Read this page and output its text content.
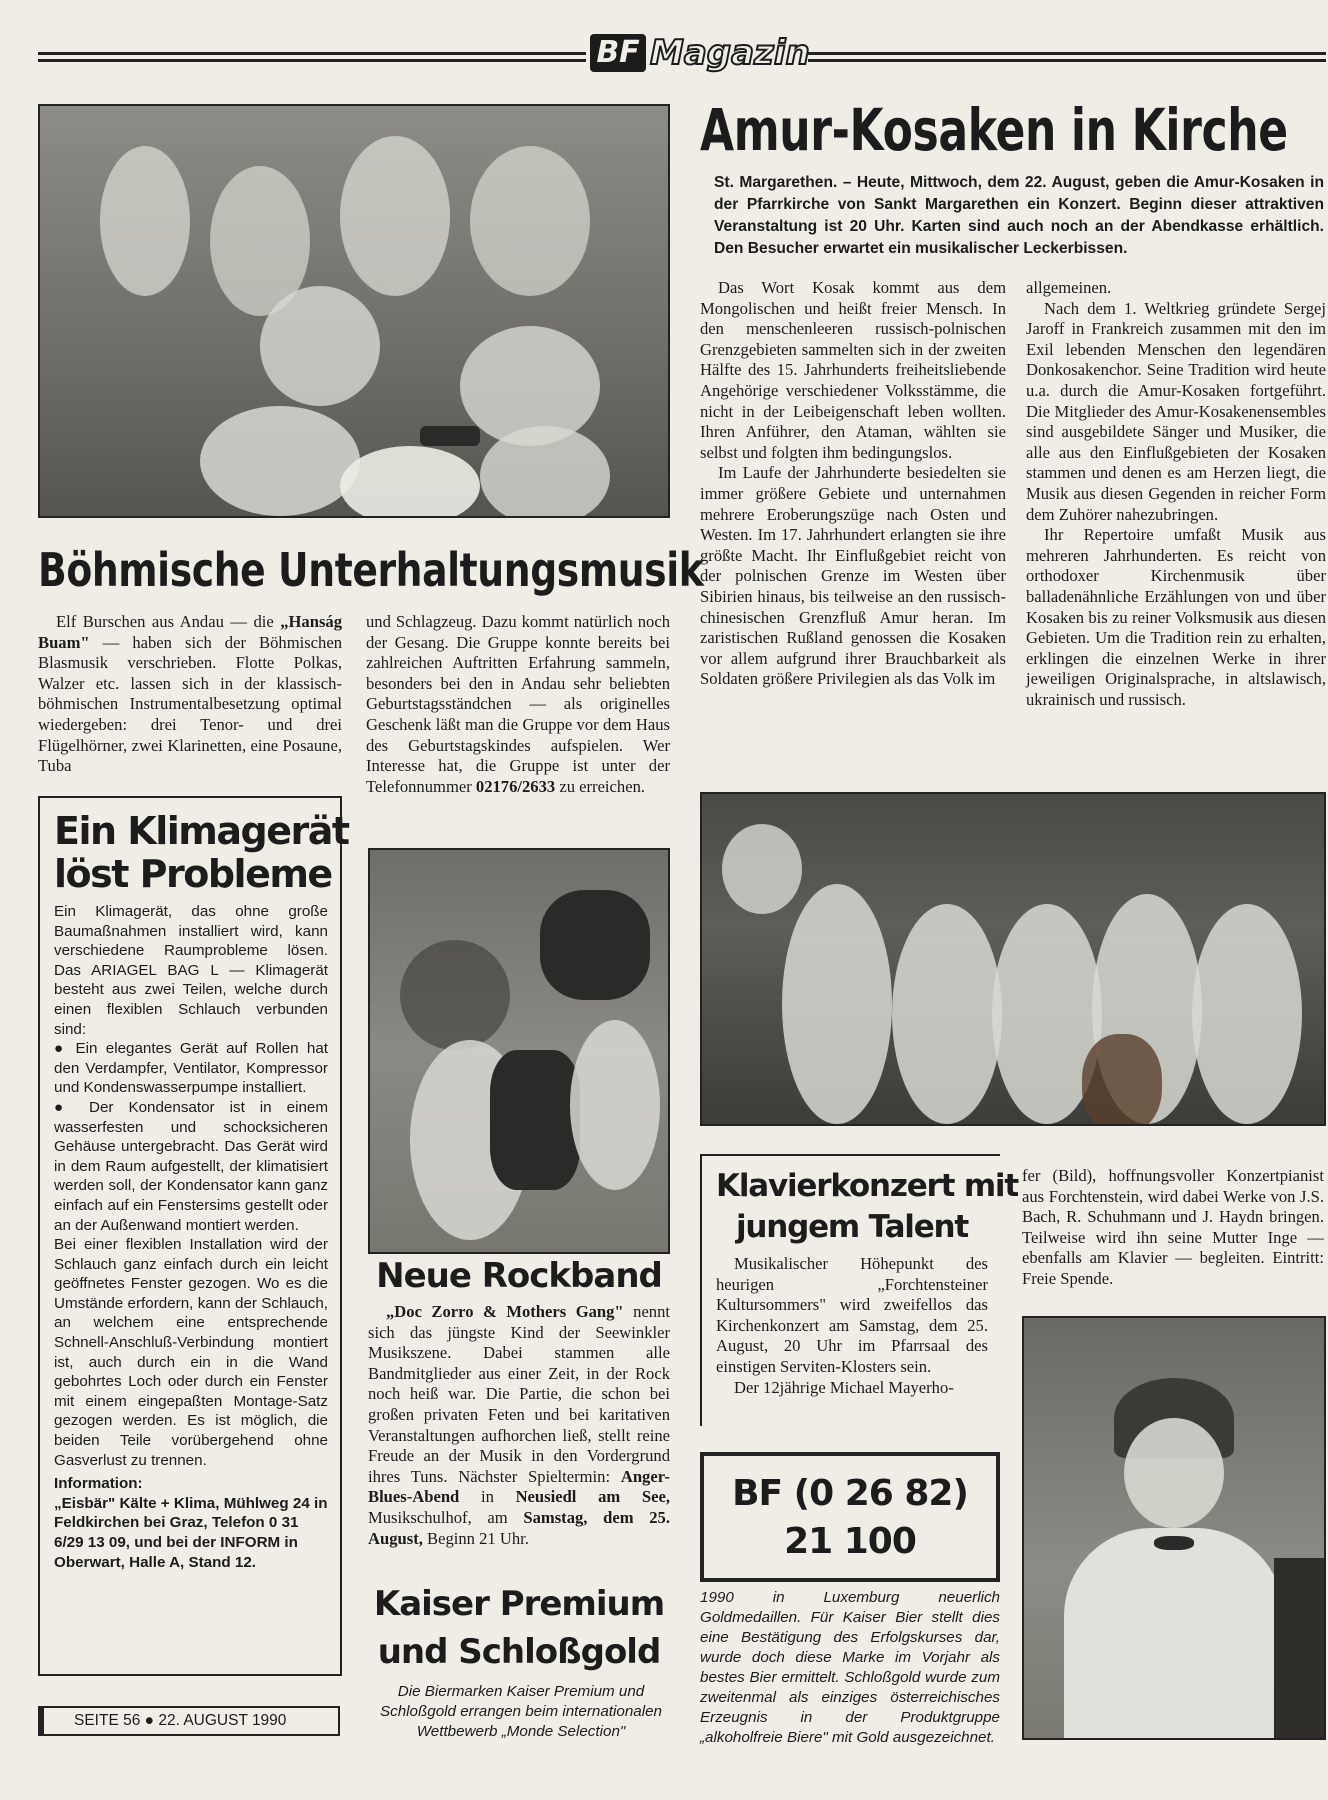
BF Magazin
Amur-Kosaken in Kirche
St. Margarethen. – Heute, Mittwoch, dem 22. August, geben die Amur-Kosaken in der Pfarrkirche von Sankt Margarethen ein Konzert. Beginn dieser attraktiven Veranstaltung ist 20 Uhr. Karten sind auch noch an der Abendkasse erhältlich. Den Besucher erwartet ein musikalischer Leckerbissen.

Das Wort Kosak kommt aus dem Mongolischen und heißt freier Mensch. In den menschenleeren russisch-polnischen Grenzgebieten sammelten sich in der zweiten Hälfte des 15. Jahrhunderts freiheitsliebende Angehörige verschiedener Volksstämme, die nicht in der Leibeigenschaft leben wollten. Ihren Anführer, den Ataman, wählten sie selbst und folgten ihm bedingungslos.

Im Laufe der Jahrhunderte besiedelten sie immer größere Gebiete und unternahmen mehrere Eroberungszüge nach Osten und Westen. Im 17. Jahrhundert erlangten sie ihre größte Macht. Ihr Einflußgebiet reicht von der polnischen Grenze im Westen über Sibirien hinaus, bis teilweise an den russisch-chinesischen Grenzfluß Amur heran. Im zaristischen Rußland genossen die Kosaken vor allem aufgrund ihrer Brauchbarkeit als Soldaten größere Privilegien als das Volk im

allgemeinen.

Nach dem 1. Weltkrieg gründete Sergej Jaroff in Frankreich zusammen mit den im Exil lebenden Menschen den legendären Donkosakenchor. Seine Tradition wird heute u.a. durch die Amur-Kosaken fortgeführt. Die Mitglieder des Amur-Kosakenensembles sind ausgebildete Sänger und Musiker, die alle aus den Einflußgebieten der Kosaken stammen und denen es am Herzen liegt, die Musik aus diesen Gegenden in reicher Form dem Zuhörer nahezubringen.

Ihr Repertoire umfaßt Musik aus mehreren Jahrhunderten. Es reicht von orthodoxer Kirchenmusik über balladenähnliche Erzählungen von und über Kosaken bis zu reiner Volksmusik aus diesen Gebieten. Um die Tradition rein zu erhalten, erklingen die einzelnen Werke in ihrer jeweiligen Originalsprache, in altslawisch, ukrainisch und russisch.

Böhmische Unterhaltungsmusik

Elf Burschen aus Andau — die „Hanság Buam" — haben sich der Böhmischen Blasmusik verschrieben. Flotte Polkas, Walzer etc. lassen sich in der klassisch-böhmischen Instrumentalbesetzung optimal wiedergeben: drei Tenor- und drei Flügelhörner, zwei Klarinetten, eine Posaune, Tuba

und Schlagzeug. Dazu kommt natürlich noch der Gesang. Die Gruppe konnte bereits bei zahlreichen Auftritten Erfahrung sammeln, besonders bei den in Andau sehr beliebten Geburtstagsständchen — als originelles Geschenk läßt man die Gruppe vor dem Haus des Geburtstagskindes aufspielen. Wer Interesse hat, die Gruppe ist unter der Telefonnummer 02176/2633 zu erreichen.

Ein Klimagerät
löst Probleme

Ein Klimagerät, das ohne große Baumaßnahmen installiert wird, kann verschiedene Raumprobleme lösen. Das ARIAGEL BAG L — Klimagerät besteht aus zwei Teilen, welche durch einen flexiblen Schlauch verbunden sind:

● Ein elegantes Gerät auf Rollen hat den Verdampfer, Ventilator, Kompressor und Kondenswasserpumpe installiert.

● Der Kondensator ist in einem wasserfesten und schocksicheren Gehäuse untergebracht. Das Gerät wird in dem Raum aufgestellt, der klimatisiert werden soll, der Kondensator kann ganz einfach auf ein Fenstersims gestellt oder an der Außenwand montiert werden.

Bei einer flexiblen Installation wird der Schlauch ganz einfach durch ein leicht geöffnetes Fenster gezogen. Wo es die Umstände erfordern, kann der Schlauch, an welchem eine entsprechende Schnell-Anschluß-Verbindung montiert ist, auch durch ein in die Wand gebohrtes Loch oder durch ein Fenster mit einem eingepaßten Montage-Satz gezogen werden. Es ist möglich, die beiden Teile vorübergehend ohne Gasverlust zu trennen.

Information:
„Eisbär" Kälte + Klima, Mühlweg 24 in Feldkirchen bei Graz, Telefon 0 31 6/29 13 09, und bei der INFORM in Oberwart, Halle A, Stand 12.

SEITE 56 ● 22. AUGUST 1990
Neue Rockband

„Doc Zorro & Mothers Gang" nennt sich das jüngste Kind der Seewinkler Musikszene. Dabei stammen alle Bandmitglieder aus einer Zeit, in der Rock noch heiß war. Die Partie, die schon bei großen privaten Feten und bei karitativen Veranstaltungen aufhorchen ließ, stellt reine Freude an der Musik in den Vordergrund ihres Tuns. Nächster Spieltermin: Anger-Blues-Abend in Neusiedl am See, Musikschulhof, am Samstag, dem 25. August, Beginn 21 Uhr.

Kaiser Premium
und Schloßgold
Die Biermarken Kaiser Premium und Schloßgold errangen beim internationalen Wettbewerb „Monde Selection"
Klavierkonzert mit
jungem Talent

Musikalischer Höhepunkt des heurigen „Forchtensteiner Kultursommers" wird zweifellos das Kirchenkonzert am Samstag, dem 25. August, 20 Uhr im Pfarrsaal des einstigen Serviten-Klosters sein.

Der 12jährige Michael Mayerho-

fer (Bild), hoffnungsvoller Konzertpianist aus Forchtenstein, wird dabei Werke von J.S. Bach, R. Schuhmann und J. Haydn bringen. Teilweise wird ihn seine Mutter Inge — ebenfalls am Klavier — begleiten. Eintritt: Freie Spende.
BF (0 26 82)
21 100
1990 in Luxemburg neuerlich Goldmedaillen. Für Kaiser Bier stellt dies eine Bestätigung des Erfolgskurses dar, wurde doch diese Marke im Vorjahr als bestes Bier ermittelt. Schloßgold wurde zum zweitenmal als einziges österreichisches Erzeugnis in der Produktgruppe „alkoholfreie Biere" mit Gold ausgezeichnet.
